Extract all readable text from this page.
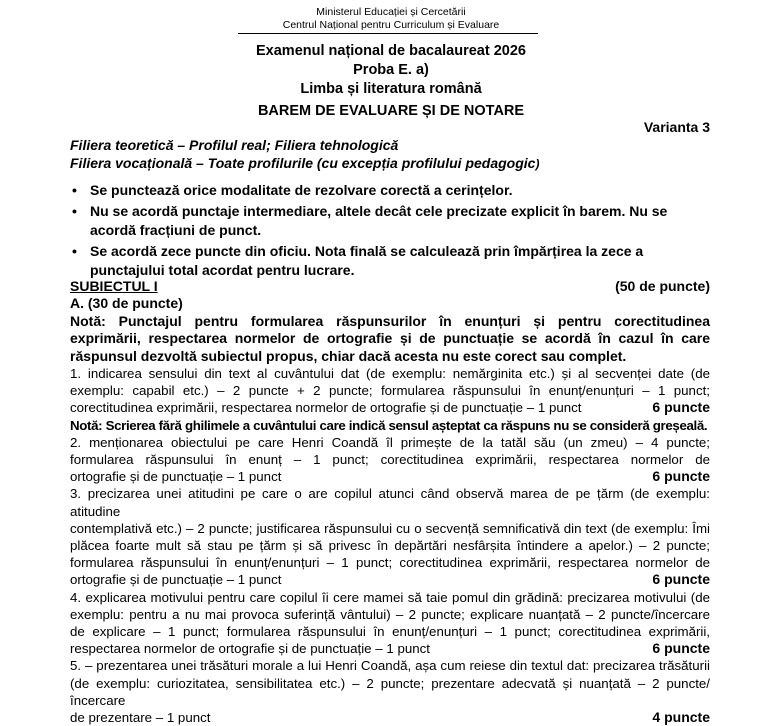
Ministerul Educației și Cercetării
Centrul Național pentru Curriculum și Evaluare
Examenul național de bacalaureat 2026
Proba E. a)
Limba și literatura română
BAREM DE EVALUARE ȘI DE NOTARE
Varianta 3
Filiera teoretică – Profilul real; Filiera tehnologică
Filiera vocațională – Toate profilurile (cu excepția profilului pedagogic)
• Se punctează orice modalitate de rezolvare corectă a cerințelor.
• Nu se acordă punctaje intermediare, altele decât cele precizate explicit în barem. Nu se acordă fracțiuni de punct.
• Se acordă zece puncte din oficiu. Nota finală se calculează prin împărțirea la zece a punctajului total acordat pentru lucrare.
SUBIECTUL I	(50 de puncte)
A. (30 de puncte)
Notă: Punctajul pentru formularea răspunsurilor în enunțuri și pentru corectitudinea
exprimării, respectarea normelor de ortografie și de punctuație se acordă în cazul în care
răspunsul dezvoltă subiectul propus, chiar dacă acesta nu este corect sau complet.
1. indicarea sensului din text al cuvântului dat (de exemplu: nemărginita etc.) și al secvenței date (de
exemplu: capabil etc.) – 2 puncte + 2 puncte; formularea răspunsului în enunț/enunțuri – 1 punct;
corectitudinea exprimării, respectarea normelor de ortografie și de punctuație – 1 punct	6 puncte
Notă: Scrierea fără ghilimele a cuvântului care indică sensul așteptat ca răspuns nu se consideră greșeală.
2. menționarea obiectului pe care Henri Coandă îl primește de la tatăl său (un zmeu) – 4 puncte;
formularea răspunsului în enunț – 1 punct; corectitudinea exprimării, respectarea normelor de
ortografie și de punctuație – 1 punct	6 puncte
3. precizarea unei atitudini pe care o are copilul atunci când observă marea de pe țărm (de exemplu: atitudine
contemplativă etc.) – 2 puncte; justificarea răspunsului cu o secvență semnificativă din text (de exemplu: Îmi
plăcea foarte mult să stau pe țărm și să privesc în depărtări nesfârșita întindere a apelor.) – 2 puncte;
formularea răspunsului în enunț/enunțuri – 1 punct; corectitudinea exprimării, respectarea normelor de
ortografie și de punctuație – 1 punct	6 puncte
4. explicarea motivului pentru care copilul îi cere mamei să taie pomul din grădină: precizarea motivului (de
exemplu: pentru a nu mai provoca suferință vântului) – 2 puncte; explicare nuanțată – 2 puncte/încercare
de explicare – 1 punct; formularea răspunsului în enunț/enunțuri – 1 punct; corectitudinea exprimării,
respectarea normelor de ortografie și de punctuație – 1 punct	6 puncte
5. – prezentarea unei trăsături morale a lui Henri Coandă, așa cum reiese din textul dat: precizarea trăsăturii
(de exemplu: curiozitatea, sensibilitatea etc.) – 2 puncte; prezentare adecvată și nuanțată – 2 puncte/încercare
de prezentare – 1 punct	4 puncte
